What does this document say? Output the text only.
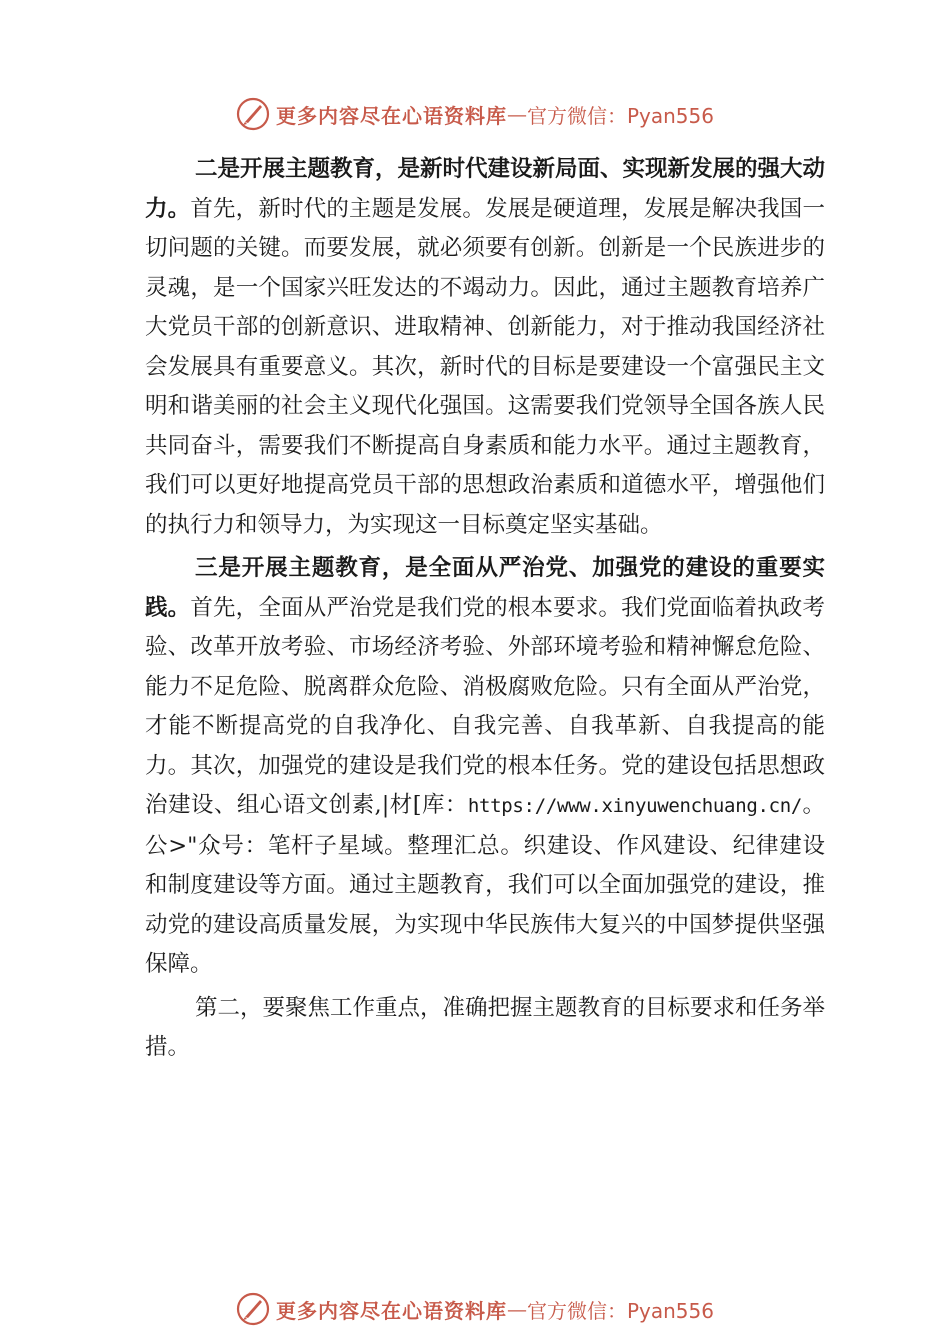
更多内容尽在心语资料库 — 官方微信：Pyan556

二是开展主题教育，是新时代建设新局面、实现新发展的强大动力。首先，新时代的主题是发展。发展是硬道理，发展是解决我国一切问题的关键。而要发展，就必须要有创新。创新是一个民族进步的灵魂，是一个国家兴旺发达的不竭动力。因此，通过主题教育培养广大党员干部的创新意识、进取精神、创新能力，对于推动我国经济社会发展具有重要意义。其次，新时代的目标是要建设一个富强民主文明和谐美丽的社会主义现代化强国。这需要我们党领导全国各族人民共同奋斗，需要我们不断提高自身素质和能力水平。通过主题教育，我们可以更好地提高党员干部的思想政治素质和道德水平，增强他们的执行力和领导力，为实现这一目标奠定坚实基础。

三是开展主题教育，是全面从严治党、加强党的建设的重要实践。首先，全面从严治党是我们党的根本要求。我们党面临着执政考验、改革开放考验、市场经济考验、外部环境考验和精神懈怠危险、能力不足危险、脱离群众危险、消极腐败危险。只有全面从严治党，才能不断提高党的自我净化、自我完善、自我革新、自我提高的能力。其次，加强党的建设是我们党的根本任务。党的建设包括思想政治建设、组心语文创素,|材[库：https://www.xinyuwenchuang.cn/。公>"众号：笔杆子星域。整理汇总。织建设、作风建设、纪律建设和制度建设等方面。通过主题教育，我们可以全面加强党的建设，推动党的建设高质量发展，为实现中华民族伟大复兴的中国梦提供坚强保障。

第二，要聚焦工作重点，准确把握主题教育的目标要求和任务举措。

更多内容尽在心语资料库 — 官方微信：Pyan556
